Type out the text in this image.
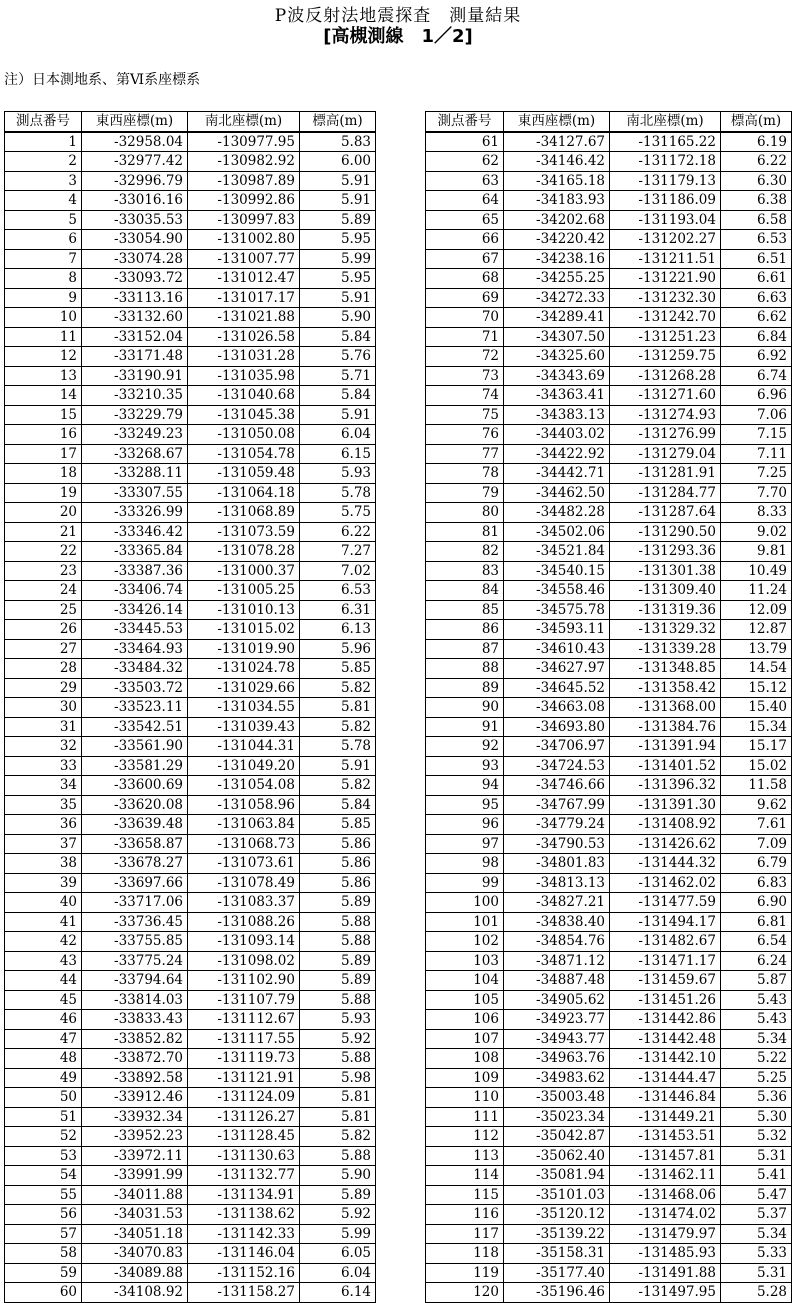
P波反射法地震探査　測量結果
[高槻測線　1／2]
注）日本測地系、第Ⅵ系座標系
測点番号	東西座標(m)	南北座標(m)	標高(m)
1	-32958.04	-130977.95	5.83
2	-32977.42	-130982.92	6.00
3	-32996.79	-130987.89	5.91
4	-33016.16	-130992.86	5.91
5	-33035.53	-130997.83	5.89
6	-33054.90	-131002.80	5.95
7	-33074.28	-131007.77	5.99
8	-33093.72	-131012.47	5.95
9	-33113.16	-131017.17	5.91
10	-33132.60	-131021.88	5.90
11	-33152.04	-131026.58	5.84
12	-33171.48	-131031.28	5.76
13	-33190.91	-131035.98	5.71
14	-33210.35	-131040.68	5.84
15	-33229.79	-131045.38	5.91
16	-33249.23	-131050.08	6.04
17	-33268.67	-131054.78	6.15
18	-33288.11	-131059.48	5.93
19	-33307.55	-131064.18	5.78
20	-33326.99	-131068.89	5.75
21	-33346.42	-131073.59	6.22
22	-33365.84	-131078.28	7.27
23	-33387.36	-131000.37	7.02
24	-33406.74	-131005.25	6.53
25	-33426.14	-131010.13	6.31
26	-33445.53	-131015.02	6.13
27	-33464.93	-131019.90	5.96
28	-33484.32	-131024.78	5.85
29	-33503.72	-131029.66	5.82
30	-33523.11	-131034.55	5.81
31	-33542.51	-131039.43	5.82
32	-33561.90	-131044.31	5.78
33	-33581.29	-131049.20	5.91
34	-33600.69	-131054.08	5.82
35	-33620.08	-131058.96	5.84
36	-33639.48	-131063.84	5.85
37	-33658.87	-131068.73	5.86
38	-33678.27	-131073.61	5.86
39	-33697.66	-131078.49	5.86
40	-33717.06	-131083.37	5.89
41	-33736.45	-131088.26	5.88
42	-33755.85	-131093.14	5.88
43	-33775.24	-131098.02	5.89
44	-33794.64	-131102.90	5.89
45	-33814.03	-131107.79	5.88
46	-33833.43	-131112.67	5.93
47	-33852.82	-131117.55	5.92
48	-33872.70	-131119.73	5.88
49	-33892.58	-131121.91	5.98
50	-33912.46	-131124.09	5.81
51	-33932.34	-131126.27	5.81
52	-33952.23	-131128.45	5.82
53	-33972.11	-131130.63	5.88
54	-33991.99	-131132.77	5.90
55	-34011.88	-131134.91	5.89
56	-34031.53	-131138.62	5.92
57	-34051.18	-131142.33	5.99
58	-34070.83	-131146.04	6.05
59	-34089.88	-131152.16	6.04
60	-34108.92	-131158.27	6.14
測点番号	東西座標(m)	南北座標(m)	標高(m)
61	-34127.67	-131165.22	6.19
62	-34146.42	-131172.18	6.22
63	-34165.18	-131179.13	6.30
64	-34183.93	-131186.09	6.38
65	-34202.68	-131193.04	6.58
66	-34220.42	-131202.27	6.53
67	-34238.16	-131211.51	6.51
68	-34255.25	-131221.90	6.61
69	-34272.33	-131232.30	6.63
70	-34289.41	-131242.70	6.62
71	-34307.50	-131251.23	6.84
72	-34325.60	-131259.75	6.92
73	-34343.69	-131268.28	6.74
74	-34363.41	-131271.60	6.96
75	-34383.13	-131274.93	7.06
76	-34403.02	-131276.99	7.15
77	-34422.92	-131279.04	7.11
78	-34442.71	-131281.91	7.25
79	-34462.50	-131284.77	7.70
80	-34482.28	-131287.64	8.33
81	-34502.06	-131290.50	9.02
82	-34521.84	-131293.36	9.81
83	-34540.15	-131301.38	10.49
84	-34558.46	-131309.40	11.24
85	-34575.78	-131319.36	12.09
86	-34593.11	-131329.32	12.87
87	-34610.43	-131339.28	13.79
88	-34627.97	-131348.85	14.54
89	-34645.52	-131358.42	15.12
90	-34663.08	-131368.00	15.40
91	-34693.80	-131384.76	15.34
92	-34706.97	-131391.94	15.17
93	-34724.53	-131401.52	15.02
94	-34746.66	-131396.32	11.58
95	-34767.99	-131391.30	9.62
96	-34779.24	-131408.92	7.61
97	-34790.53	-131426.62	7.09
98	-34801.83	-131444.32	6.79
99	-34813.13	-131462.02	6.83
100	-34827.21	-131477.59	6.90
101	-34838.40	-131494.17	6.81
102	-34854.76	-131482.67	6.54
103	-34871.12	-131471.17	6.24
104	-34887.48	-131459.67	5.87
105	-34905.62	-131451.26	5.43
106	-34923.77	-131442.86	5.43
107	-34943.77	-131442.48	5.34
108	-34963.76	-131442.10	5.22
109	-34983.62	-131444.47	5.25
110	-35003.48	-131446.84	5.36
111	-35023.34	-131449.21	5.30
112	-35042.87	-131453.51	5.32
113	-35062.40	-131457.81	5.31
114	-35081.94	-131462.11	5.41
115	-35101.03	-131468.06	5.47
116	-35120.12	-131474.02	5.37
117	-35139.22	-131479.97	5.34
118	-35158.31	-131485.93	5.33
119	-35177.40	-131491.88	5.31
120	-35196.46	-131497.95	5.28
